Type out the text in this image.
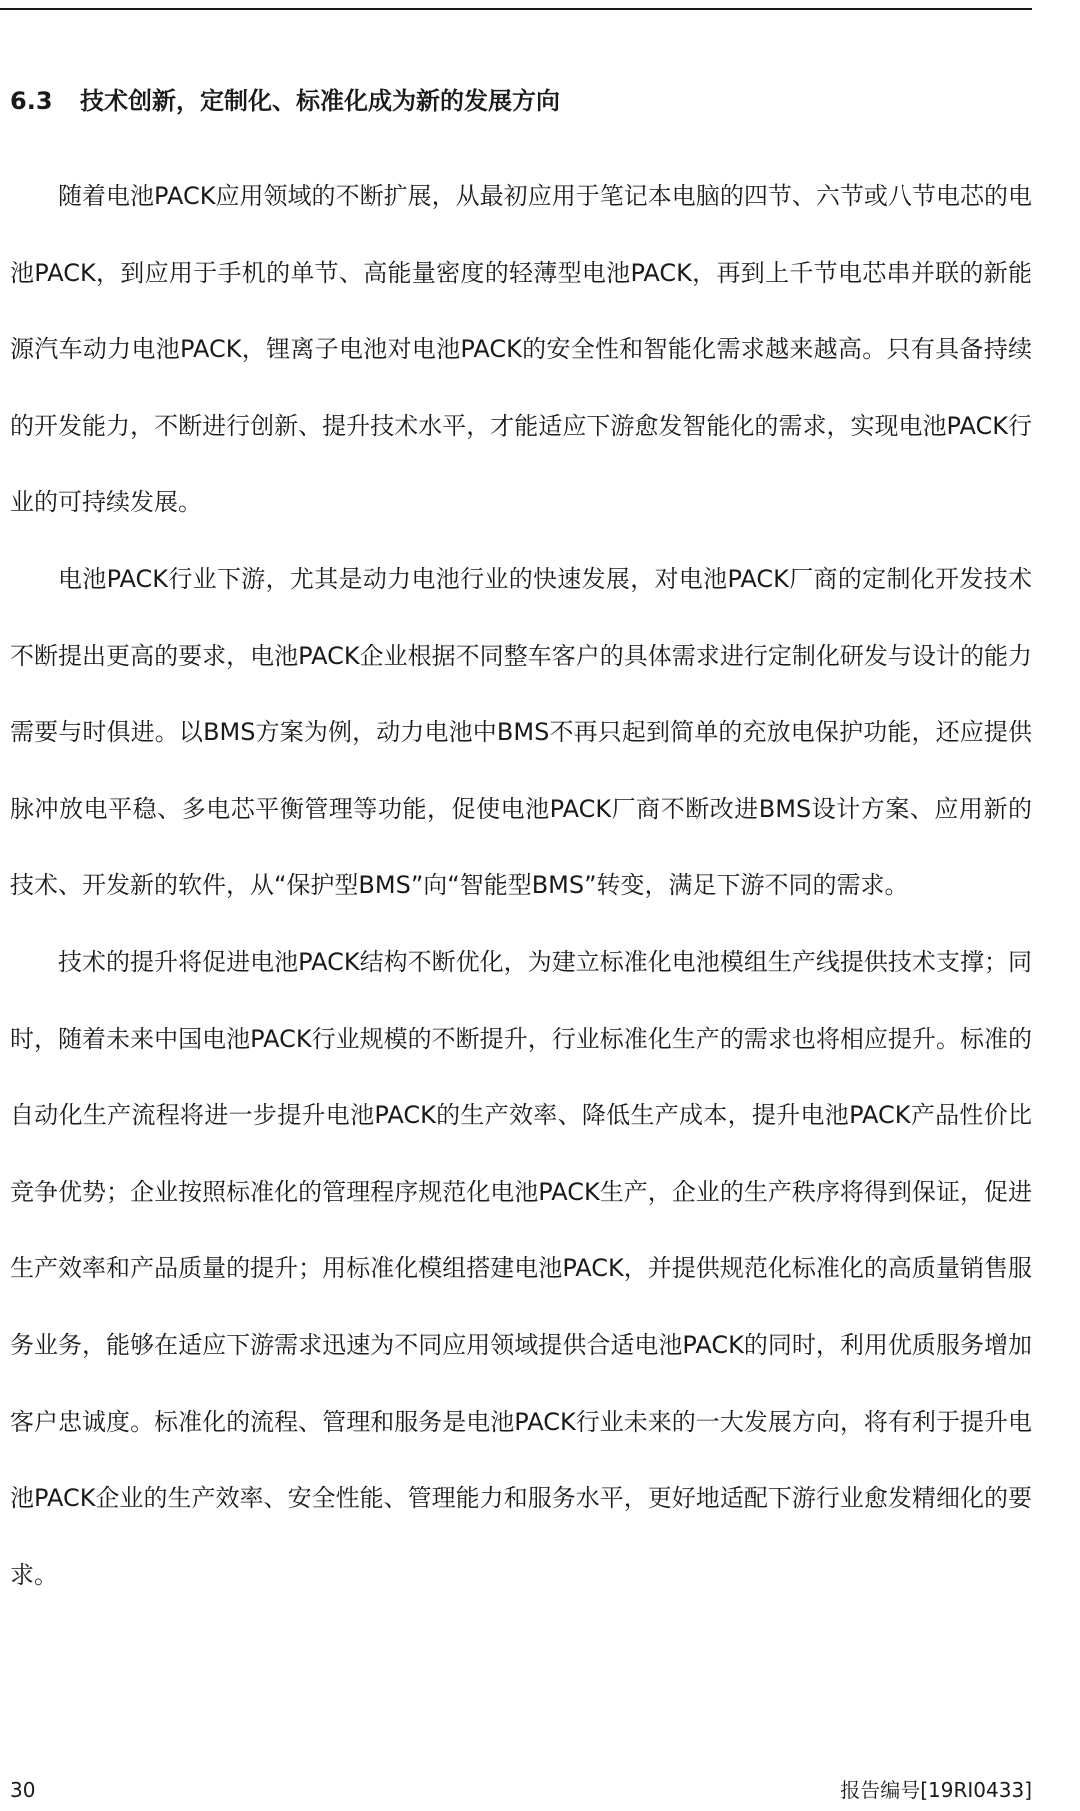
6.3 技术创新，定制化、标准化成为新的发展方向

随着电池PACK应用领域的不断扩展，从最初应用于笔记本电脑的四节、六节或八节电芯的电池PACK，到应用于手机的单节、高能量密度的轻薄型电池PACK，再到上千节电芯串并联的新能源汽车动力电池PACK，锂离子电池对电池PACK的安全性和智能化需求越来越高。只有具备持续的开发能力，不断进行创新、提升技术水平，才能适应下游愈发智能化的需求，实现电池PACK行业的可持续发展。

电池PACK行业下游，尤其是动力电池行业的快速发展，对电池PACK厂商的定制化开发技术不断提出更高的要求，电池PACK企业根据不同整车客户的具体需求进行定制化研发与设计的能力需要与时俱进。以BMS方案为例，动力电池中BMS不再只起到简单的充放电保护功能，还应提供脉冲放电平稳、多电芯平衡管理等功能，促使电池PACK厂商不断改进BMS设计方案、应用新的技术、开发新的软件，从“保护型BMS”向“智能型BMS”转变，满足下游不同的需求。

技术的提升将促进电池PACK结构不断优化，为建立标准化电池模组生产线提供技术支撑；同时，随着未来中国电池PACK行业规模的不断提升，行业标准化生产的需求也将相应提升。标准的自动化生产流程将进一步提升电池PACK的生产效率、降低生产成本，提升电池PACK产品性价比竞争优势；企业按照标准化的管理程序规范化电池PACK生产，企业的生产秩序将得到保证，促进生产效率和产品质量的提升；用标准化模组搭建电池PACK，并提供规范化标准化的高质量销售服务业务，能够在适应下游需求迅速为不同应用领域提供合适电池PACK的同时，利用优质服务增加客户忠诚度。标准化的流程、管理和服务是电池PACK行业未来的一大发展方向，将有利于提升电池PACK企业的生产效率、安全性能、管理能力和服务水平，更好地适配下游行业愈发精细化的要求。

30	报告编号[19RI0433]
